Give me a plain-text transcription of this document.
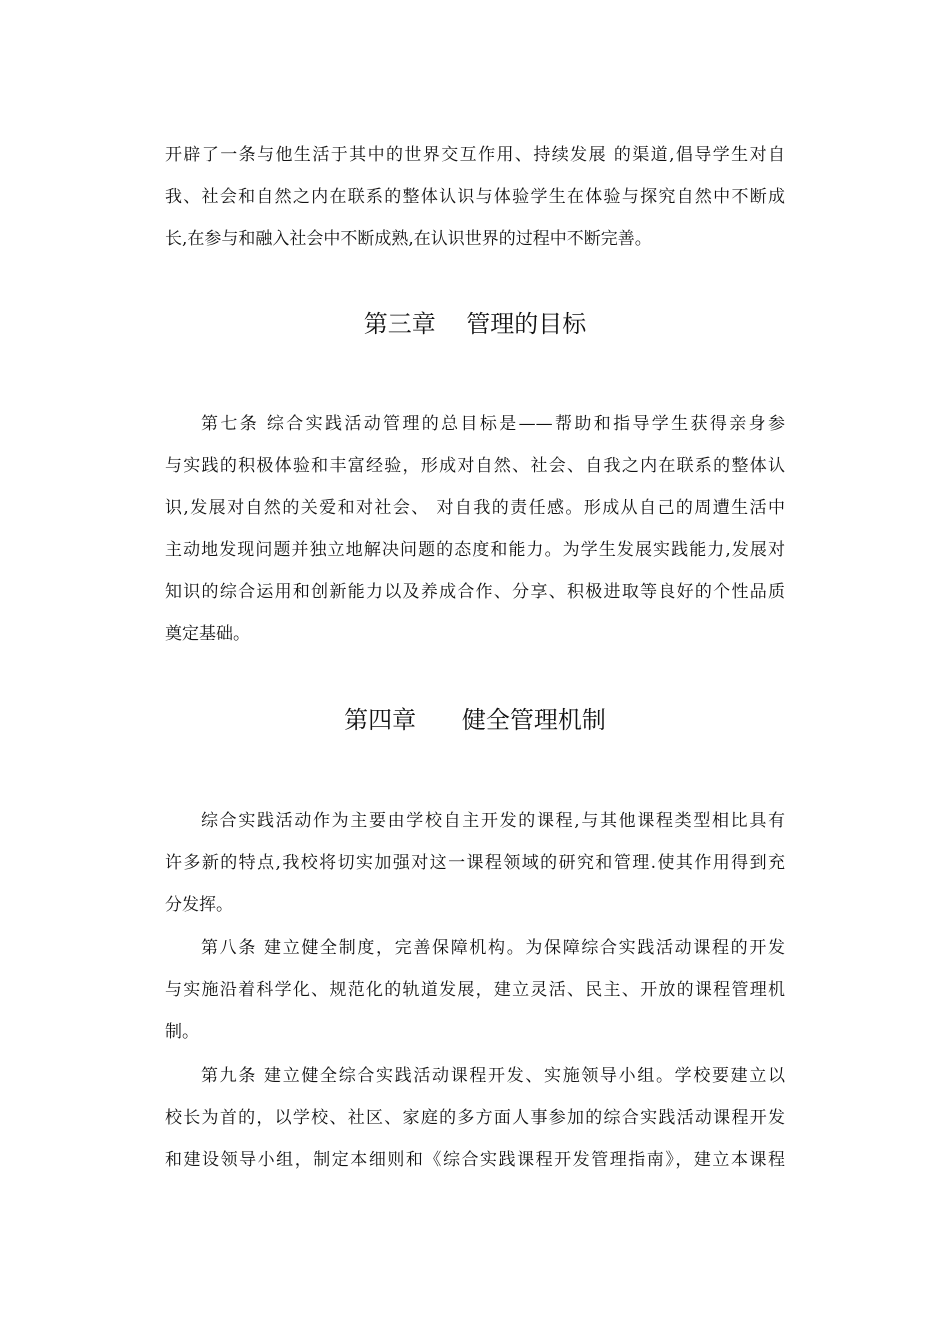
开辟了一条与他生活于其中的世界交互作用、持续发展 的渠道,倡导学生对自
我、社会和自然之内在联系的整体认识与体验学生在体验与探究自然中不断成
长,在参与和融入社会中不断成熟,在认识世界的过程中不断完善。
第三章    管理的目标
第七条 综合实践活动管理的总目标是——帮助和指导学生获得亲身参
与实践的积极体验和丰富经验，形成对自然、社会、自我之内在联系的整体认
识,发展对自然的关爱和对社会、 对自我的责任感。形成从自己的周遭生活中
主动地发现问题并独立地解决问题的态度和能力。为学生发展实践能力,发展对
知识的综合运用和创新能力以及养成合作、分享、积极进取等良好的个性品质
奠定基础。
第四章      健全管理机制
综合实践活动作为主要由学校自主开发的课程,与其他课程类型相比具有
许多新的特点,我校将切实加强对这一课程领域的研究和管理.使其作用得到充
分发挥。
第八条 建立健全制度，完善保障机构。为保障综合实践活动课程的开发
与实施沿着科学化、规范化的轨道发展，建立灵活、民主、开放的课程管理机
制。
第九条 建立健全综合实践活动课程开发、实施领导小组。学校要建立以
校长为首的，以学校、社区、家庭的多方面人事参加的综合实践活动课程开发
和建设领导小组，制定本细则和《综合实践课程开发管理指南》，建立本课程
